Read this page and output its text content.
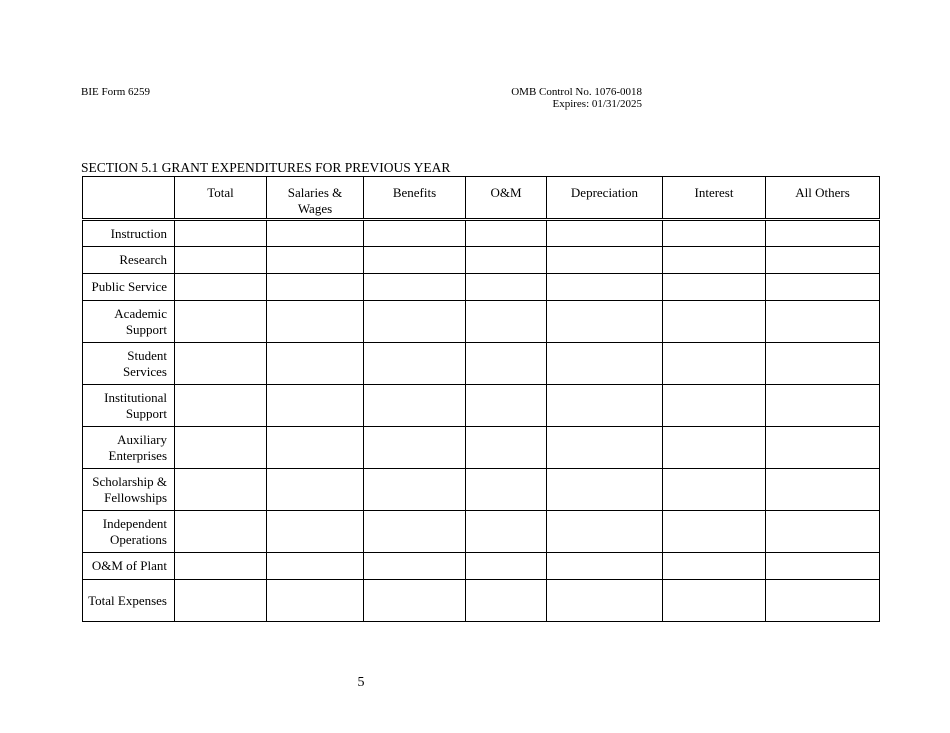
BIE Form 6259	OMB Control No. 1076-0018
Expires: 01/31/2025
SECTION 5.1 GRANT EXPENDITURES FOR PREVIOUS YEAR
	Total	Salaries & Wages	Benefits	O&M	Depreciation	Interest	All Others
Instruction							
Research							
Public Service							
Academic Support							
Student Services							
Institutional Support							
Auxiliary Enterprises							
Scholarship & Fellowships							
Independent Operations							
O&M of Plant							
Total Expenses							
5
